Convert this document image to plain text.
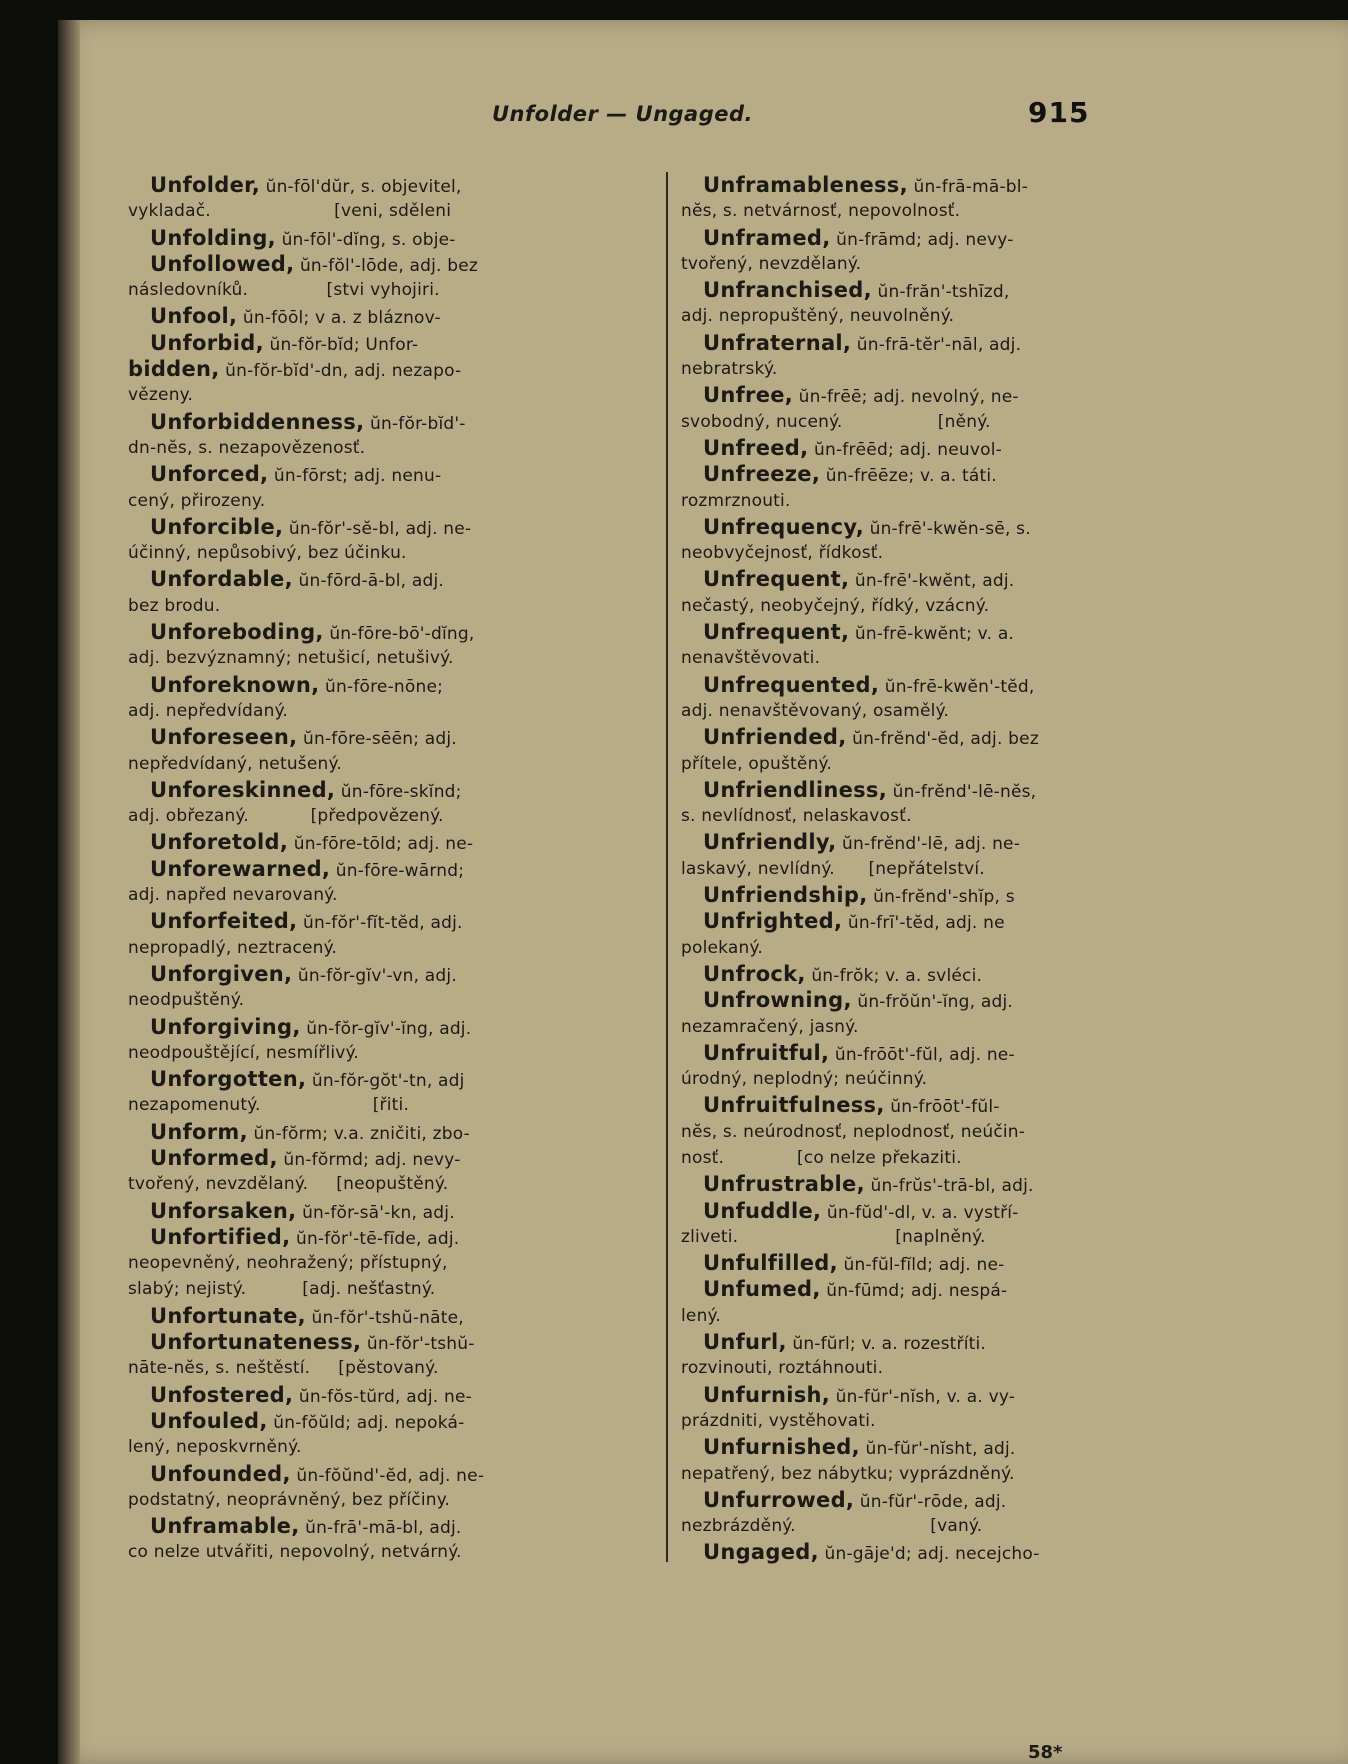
Unfolder — Ungaged.	915
Unfolder, ŭn-fōl'dŭr, s. objevitel,
vykladač.                      [veni, sděleni
Unfolding, ŭn-fōl'-dĭng, s. obje-
Unfollowed, ŭn-fŏl'-lōde, adj. bez
následovníků.              [stvi vyhojiri.
Unfool, ŭn-fōōl; v a. z bláznov-
Unforbid, ŭn-fŏr-bĭd; Unfor-
bidden, ŭn-fŏr-bĭd'-dn, adj. nezapo-
vězeny.
Unforbiddenness, ŭn-fŏr-bĭd'-
dn-nĕs, s. nezapovězenosť.
Unforced, ŭn-fōrst; adj. nenu-
cený, přirozeny.
Unforcible, ŭn-fŏr'-sĕ-bl, adj. ne-
účinný, nepůsobivý, bez účinku.
Unfordable, ŭn-fōrd-ā-bl, adj.
bez brodu.
Unforeboding, ŭn-fōre-bō'-dĭng,
adj. bezvýznamný; netušicí, netušivý.
Unforeknown, ŭn-fōre-nōne;
adj. nepředvídaný.
Unforeseen, ŭn-fōre-sēēn; adj.
nepředvídaný, netušený.
Unforeskinned, ŭn-fōre-skĭnd;
adj. obřezaný.           [předpovězený.
Unforetold, ŭn-fōre-tōld; adj. ne-
Unforewarned, ŭn-fōre-wārnd;
adj. napřed nevarovaný.
Unforfeited, ŭn-fŏr'-fĭt-tĕd, adj.
nepropadlý, neztracený.
Unforgiven, ŭn-fŏr-gĭv'-vn, adj.
neodpuštěný.
Unforgiving, ŭn-fŏr-gĭv'-ĭng, adj.
neodpouštějící, nesmířlivý.
Unforgotten, ŭn-fŏr-gŏt'-tn, adj
nezapomenutý.                    [řiti.
Unform, ŭn-fŏrm; v.a. zničiti, zbo-
Unformed, ŭn-fŏrmd; adj. nevy-
tvořený, nevzdělaný.     [neopuštěný.
Unforsaken, ŭn-fŏr-sā'-kn, adj.
Unfortified, ŭn-fŏr'-tē-fīde, adj.
neopevněný, neohražený; přístupný,
slabý; nejistý.          [adj. nešťastný.
Unfortunate, ŭn-fŏr'-tshŭ-nāte,
Unfortunateness, ŭn-fŏr'-tshŭ-
nāte-nĕs, s. neštěstí.     [pěstovaný.
Unfostered, ŭn-fŏs-tŭrd, adj. ne-
Unfouled, ŭn-fŏŭld; adj. nepoká-
lený, neposkvrněný.
Unfounded, ŭn-fŏŭnd'-ĕd, adj. ne-
podstatný, neoprávněný, bez příčiny.
Unframable, ŭn-frā'-mā-bl, adj.
co nelze utvářiti, nepovolný, netvárný.
Unframableness, ŭn-frā-mā-bl-
nĕs, s. netvárnosť, nepovolnosť.
Unframed, ŭn-frāmd; adj. nevy-
tvořený, nevzdělaný.
Unfranchised, ŭn-frăn'-tshīzd,
adj. nepropuštěný, neuvolněný.
Unfraternal, ŭn-frā-tĕr'-nāl, adj.
nebratrský.
Unfree, ŭn-frēē; adj. nevolný, ne-
svobodný, nucený.                 [něný.
Unfreed, ŭn-frēēd; adj. neuvol-
Unfreeze, ŭn-frēēze; v. a. táti.
rozmrznouti.
Unfrequency, ŭn-frē'-kwĕn-sē, s.
neobvyčejnosť, řídkosť.
Unfrequent, ŭn-frē'-kwĕnt, adj.
nečastý, neobyčejný, řídký, vzácný.
Unfrequent, ŭn-frē-kwĕnt; v. a.
nenavštěvovati.
Unfrequented, ŭn-frē-kwĕn'-tĕd,
adj. nenavštěvovaný, osamělý.
Unfriended, ŭn-frĕnd'-ĕd, adj. bez
přítele, opuštěný.
Unfriendliness, ŭn-frĕnd'-lē-nĕs,
s. nevlídnosť, nelaskavosť.
Unfriendly, ŭn-frĕnd'-lē, adj. ne-
laskavý, nevlídný.      [nepřátelství.
Unfriendship, ŭn-frĕnd'-shĭp, s
Unfrighted, ŭn-frī'-tĕd, adj. ne
polekaný.
Unfrock, ŭn-frŏk; v. a. svléci.
Unfrowning, ŭn-frŏŭn'-ĭng, adj.
nezamračený, jasný.
Unfruitful, ŭn-frōōt'-fŭl, adj. ne-
úrodný, neplodný; neúčinný.
Unfruitfulness, ŭn-frōōt'-fŭl-
nĕs, s. neúrodnosť, neplodnosť, neúčin-
nosť.             [co nelze překaziti.
Unfrustrable, ŭn-frŭs'-trā-bl, adj.
Unfuddle, ŭn-fŭd'-dl, v. a. vystří-
zliveti.                            [naplněný.
Unfulfilled, ŭn-fŭl-fĭld; adj. ne-
Unfumed, ŭn-fūmd; adj. nespá-
lený.
Unfurl, ŭn-fŭrl; v. a. rozestříti.
rozvinouti, roztáhnouti.
Unfurnish, ŭn-fŭr'-nĭsh, v. a. vy-
prázdniti, vystěhovati.
Unfurnished, ŭn-fŭr'-nĭsht, adj.
nepatřený, bez nábytku; vyprázdněný.
Unfurrowed, ŭn-fŭr'-rōde, adj.
nezbrázděný.                        [vaný.
Ungaged, ŭn-gāje'd; adj. necejcho-
58*
